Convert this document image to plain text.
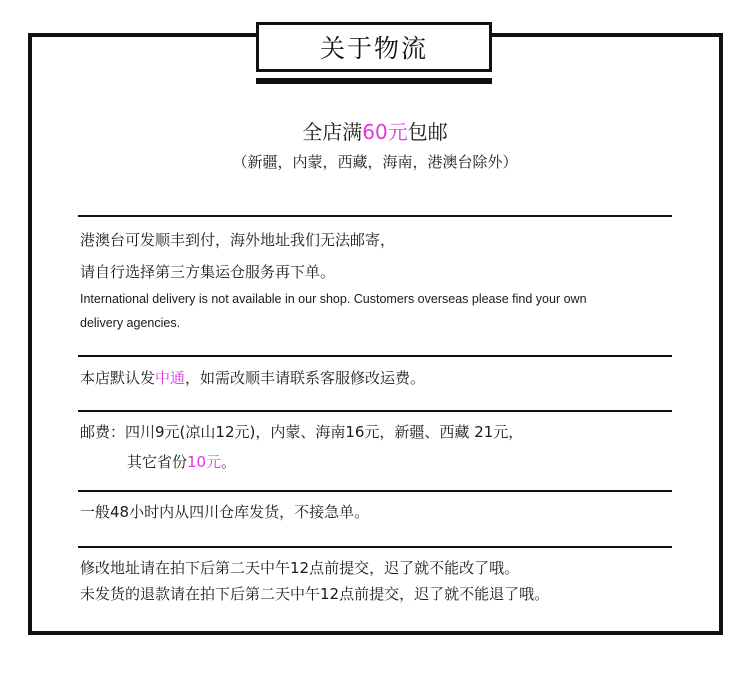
关于物流
全店满60元包邮
（新疆，内蒙，西藏，海南，港澳台除外）
港澳台可发顺丰到付，海外地址我们无法邮寄，
请自行选择第三方集运仓服务再下单。
International delivery is not available in our shop. Customers overseas please find your own
delivery agencies.
本店默认发中通，如需改顺丰请联系客服修改运费。
邮费：四川9元(凉山12元)，内蒙、海南16元，新疆、西藏 21元，
其它省份10元。
一般48小时内从四川仓库发货，不接急单。
修改地址请在拍下后第二天中午12点前提交，迟了就不能改了哦。
未发货的退款请在拍下后第二天中午12点前提交，迟了就不能退了哦。
